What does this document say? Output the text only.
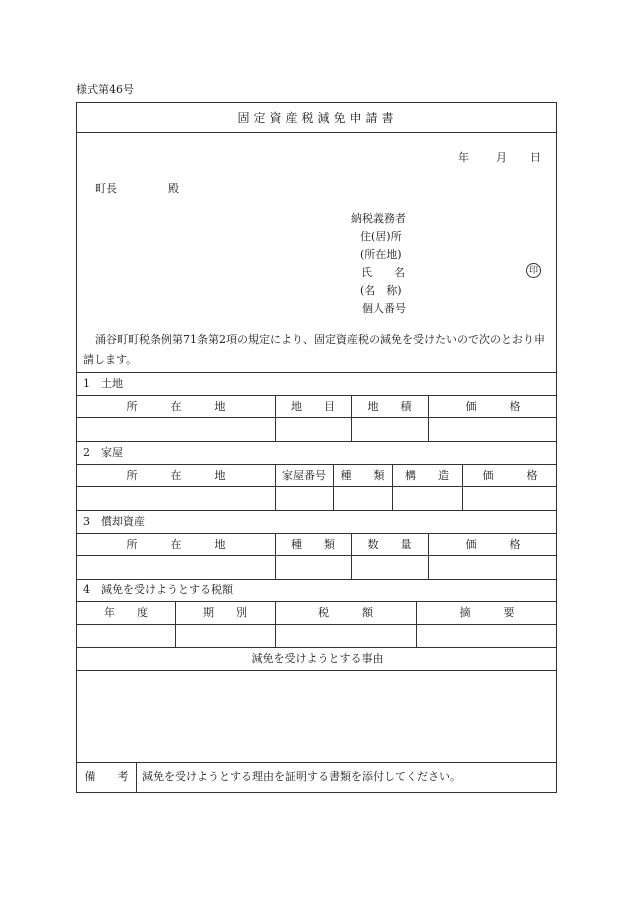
様式第46号
固定資産税減免申請書
年 月 日
町長	殿
納税義務者
住(居)所
(所在地)
氏　　名	印
(名　称)
個人番号
涌谷町町税条例第71条第2項の規定により、固定資産税の減免を受けたいので次のとおり申請します。
1　土地
所　　　在　　　地	地　　目	地　　積	価　　　格
2　家屋
所　　　在　　　地	家屋番号	種　　類	構　　造	価　　　格
3　償却資産
所　　　在　　　地	種　　類	数　　量	価　　　格
4　減免を受けようとする税額
年　　度	期　　別	税　　　額	摘　　　要
減免を受けようとする事由
備　　考	減免を受けようとする理由を証明する書類を添付してください。
